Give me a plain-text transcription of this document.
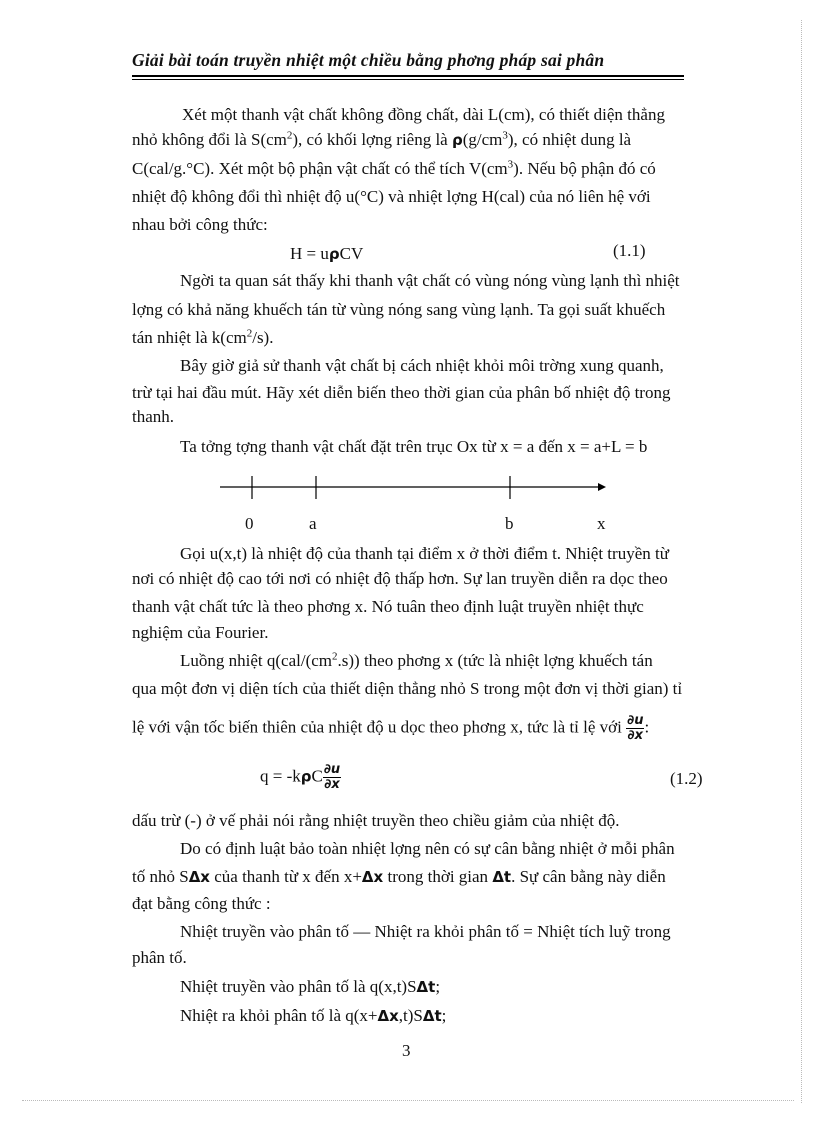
Giải bài toán truyền nhiệt một chiều bằng phơng pháp sai phân
Xét một thanh vật chất không đồng chất, dài L(cm), có thiết diện thẳng
nhỏ không đổi là $S(cm^2)$, có khối lợng riêng là $\rho(g/cm^3)$, có nhiệt dung là
C(cal/g.°C). Xét một bộ phận vật chất có thể tích $V(cm^3)$. Nếu bộ phận đó có
nhiệt độ không đổi thì nhiệt độ u(°C) và nhiệt lợng H(cal) của nó liên hệ với
nhau bởi công thức:
H = uρCV	(1.1)
Ngời ta quan sát thấy khi thanh vật chất có vùng nóng vùng lạnh thì nhiệt
lợng có khả năng khuếch tán từ vùng nóng sang vùng lạnh. Ta gọi suất khuếch
tán nhiệt là $k(cm^2/s)$.
Bây giờ giả sử thanh vật chất bị cách nhiệt khỏi môi trờng xung quanh,
trừ tại hai đầu mút. Hãy xét diễn biến theo thời gian của phân bố nhiệt độ trong
thanh.
Ta tởng tợng thanh vật chất đặt trên trục Ox từ x = a đến x = a+L = b
0	a	b	x
Gọi u(x,t) là nhiệt độ của thanh tại điểm x ở thời điểm t. Nhiệt truyền từ
nơi có nhiệt độ cao tới nơi có nhiệt độ thấp hơn. Sự lan truyền diễn ra dọc theo
thanh vật chất tức là theo phơng x. Nó tuân theo định luật truyền nhiệt thực
nghiệm của Fourier.
Luồng nhiệt $q(cal/(cm^2.s))$ theo phơng x (tức là nhiệt lợng khuếch tán
qua một đơn vị diện tích của thiết diện thẳng nhỏ S trong một đơn vị thời gian) tỉ
lệ với vận tốc biến thiên của nhiệt độ u dọc theo phơng x, tức là tỉ lệ với $\frac{\partial u}{\partial x}$ :
$q = -k\rho C \frac{\partial u}{\partial x}$	(1.2)
dấu trừ (-) ở vế phải nói rằng nhiệt truyền theo chiều giảm của nhiệt độ.
Do có định luật bảo toàn nhiệt lợng nên có sự cân bằng nhiệt ở mỗi phân
tố nhỏ SΔx của thanh từ x đến x+Δx trong thời gian Δt. Sự cân bằng này diễn
đạt bằng công thức :
Nhiệt truyền vào phân tố — Nhiệt ra khỏi phân tố = Nhiệt tích luỹ trong
phân tố.
Nhiệt truyền vào phân tố là q(x,t)SΔt;
Nhiệt ra khỏi phân tố là q(x+Δx,t)SΔt;
3
